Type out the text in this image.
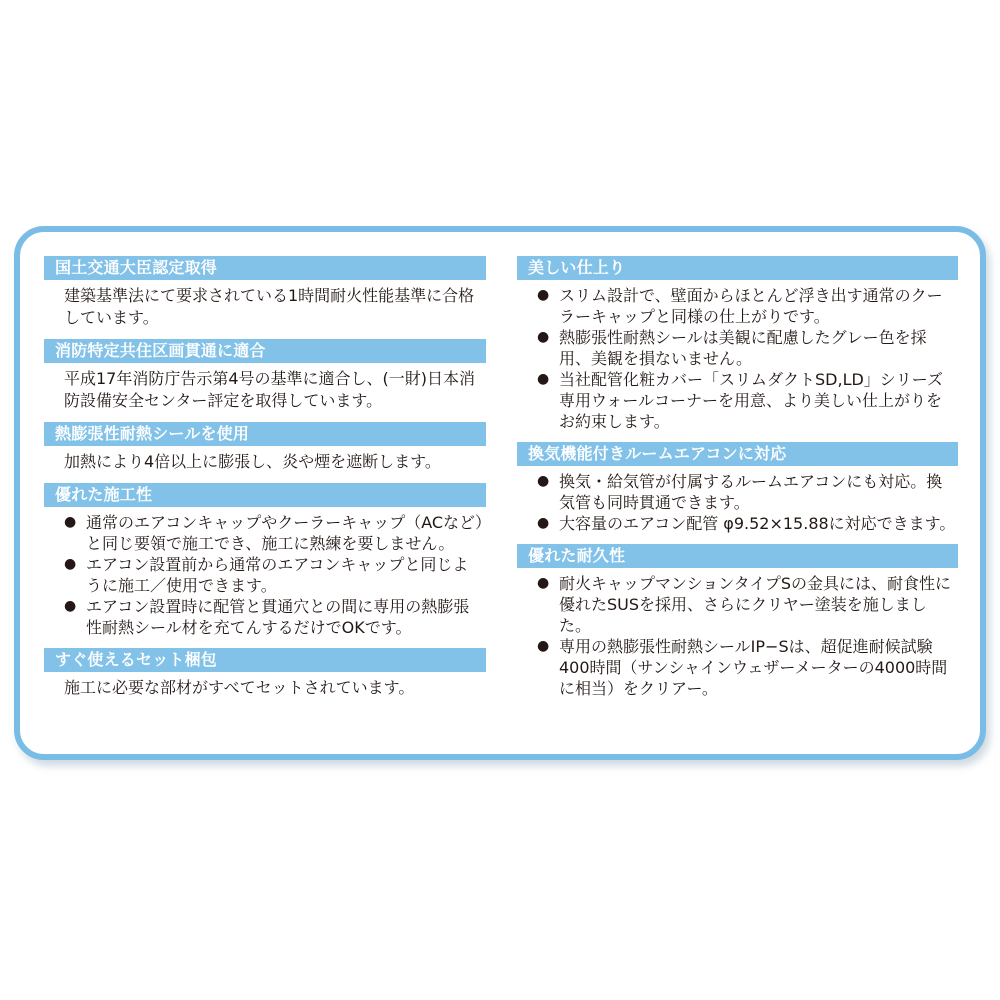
国土交通大臣認定取得

建築基準法にて要求されている1時間耐火性能基準に合格しています。

消防特定共住区画貫通に適合

平成17年消防庁告示第4号の基準に適合し、(一財)日本消防設備安全センター評定を取得しています。

熱膨張性耐熱シールを使用

加熱により4倍以上に膨張し、炎や煙を遮断します。

優れた施工性
● 通常のエアコンキャップやクーラーキャップ（ACなど）と同じ要領で施工でき、施工に熟練を要しません。
● エアコン設置前から通常のエアコンキャップと同じように施工／使用できます。
● エアコン設置時に配管と貫通穴との間に専用の熱膨張性耐熱シール材を充てんするだけでOKです。
すぐ使えるセット梱包

施工に必要な部材がすべてセットされています。

美しい仕上り
● スリム設計で、壁面からほとんど浮き出す通常のクーラーキャップと同様の仕上がりです。
● 熱膨張性耐熱シールは美観に配慮したグレー色を採用、美観を損ないません。
● 当社配管化粧カバー「スリムダクトSD,LD」シリーズ専用ウォールコーナーを用意、より美しい仕上がりをお約束します。
換気機能付きルームエアコンに対応
● 換気・給気管が付属するルームエアコンにも対応。換気管も同時貫通できます。
● 大容量のエアコン配管 φ9.52×15.88に対応できます。
優れた耐久性
● 耐火キャップマンションタイプSの金具には、耐食性に優れたSUSを採用、さらにクリヤー塗装を施しました。
● 専用の熱膨張性耐熱シールIP−Sは、超促進耐候試験400時間（サンシャインウェザーメーターの4000時間に相当）をクリアー。
